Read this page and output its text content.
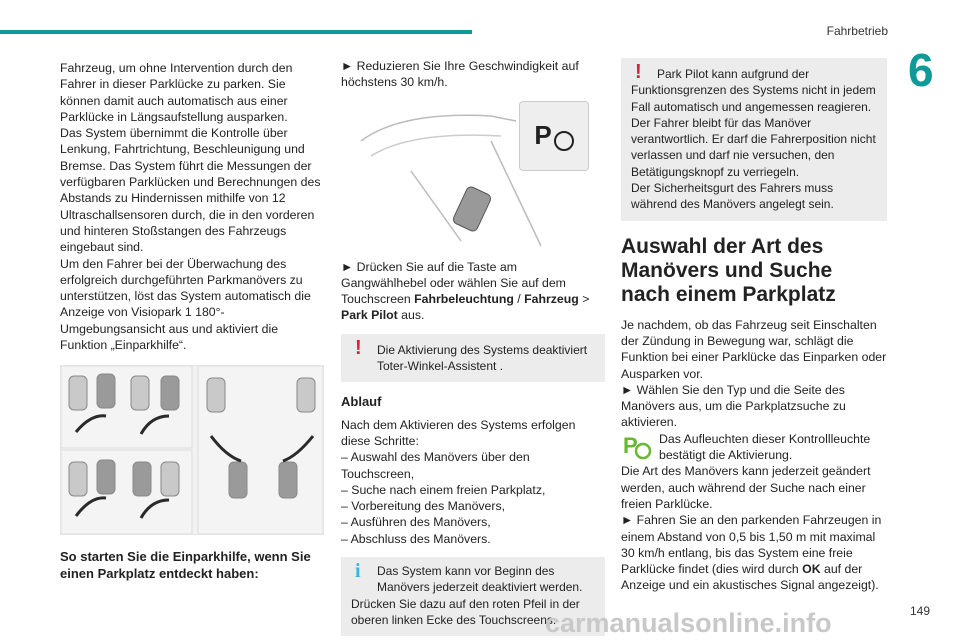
Fahrbetrieb
6

Fahrzeug, um ohne Intervention durch den Fahrer in dieser Parklücke zu parken. Sie können damit auch automatisch aus einer Parklücke in Längsaufstellung ausparken.

Das System übernimmt die Kontrolle über Lenkung, Fahrtrichtung, Beschleunigung und Bremse. Das System führt die Messungen der verfügbaren Parklücken und Berechnungen des Abstands zu Hindernissen mithilfe von 12 Ultraschallsensoren durch, die in den vorderen und hinteren Stoßstangen des Fahrzeugs eingebaut sind.

Um den Fahrer bei der Überwachung des erfolgreich durchgeführten Parkmanövers zu unterstützen, löst das System automatisch die Anzeige von Visiopark 1 180°-Umgebungsansicht aus und aktiviert die Funktion „Einparkhilfe“.

So starten Sie die Einparkhilfe, wenn Sie einen Parkplatz entdeckt haben:

► Reduzieren Sie Ihre Geschwindigkeit auf höchstens 30 km/h.

P

► Drücken Sie auf die Taste am Gangwählhebel oder wählen Sie auf dem Touchscreen Fahrbeleuchtung / Fahrzeug > Park Pilot aus.

! Die Aktivierung des Systems deaktiviert Toter-Winkel-Assistent .

Ablauf

Nach dem Aktivieren des Systems erfolgen diese Schritte:

– Auswahl des Manövers über den Touchscreen,

– Suche nach einem freien Parkplatz,

– Vorbereitung des Manövers,

– Ausführen des Manövers,

– Abschluss des Manövers.

i Das System kann vor Beginn des Manövers jederzeit deaktiviert werden.
Drücken Sie dazu auf den roten Pfeil in der oberen linken Ecke des Touchscreens.
!	Park Pilot kann aufgrund der Funktionsgrenzen des Systems nicht in jedem Fall automatisch und angemessen reagieren.
Der Fahrer bleibt für das Manöver verantwortlich. Er darf die Fahrerposition nicht verlassen und darf nie versuchen, den Betätigungsknopf zu verriegeln.
Der Sicherheitsgurt des Fahrers muss während des Manövers angelegt sein.
Auswahl der Art des Manövers und Suche nach einem Parkplatz

Je nachdem, ob das Fahrzeug seit Einschalten der Zündung in Bewegung war, schlägt die Funktion bei einer Parklücke das Einparken oder Ausparken vor.

► Wählen Sie den Typ und die Seite des Manövers aus, um die Parkplatzsuche zu aktivieren.

P Das Aufleuchten dieser Kontrollleuchte bestätigt die Aktivierung.

Die Art des Manövers kann jederzeit geändert werden, auch während der Suche nach einer freien Parklücke.

► Fahren Sie an den parkenden Fahrzeugen in einem Abstand von 0,5 bis 1,50 m mit maximal 30 km/h entlang, bis das System eine freie Parklücke findet (dies wird durch OK auf der Anzeige und ein akustisches Signal angezeigt).

carmanualsonline.info	149
